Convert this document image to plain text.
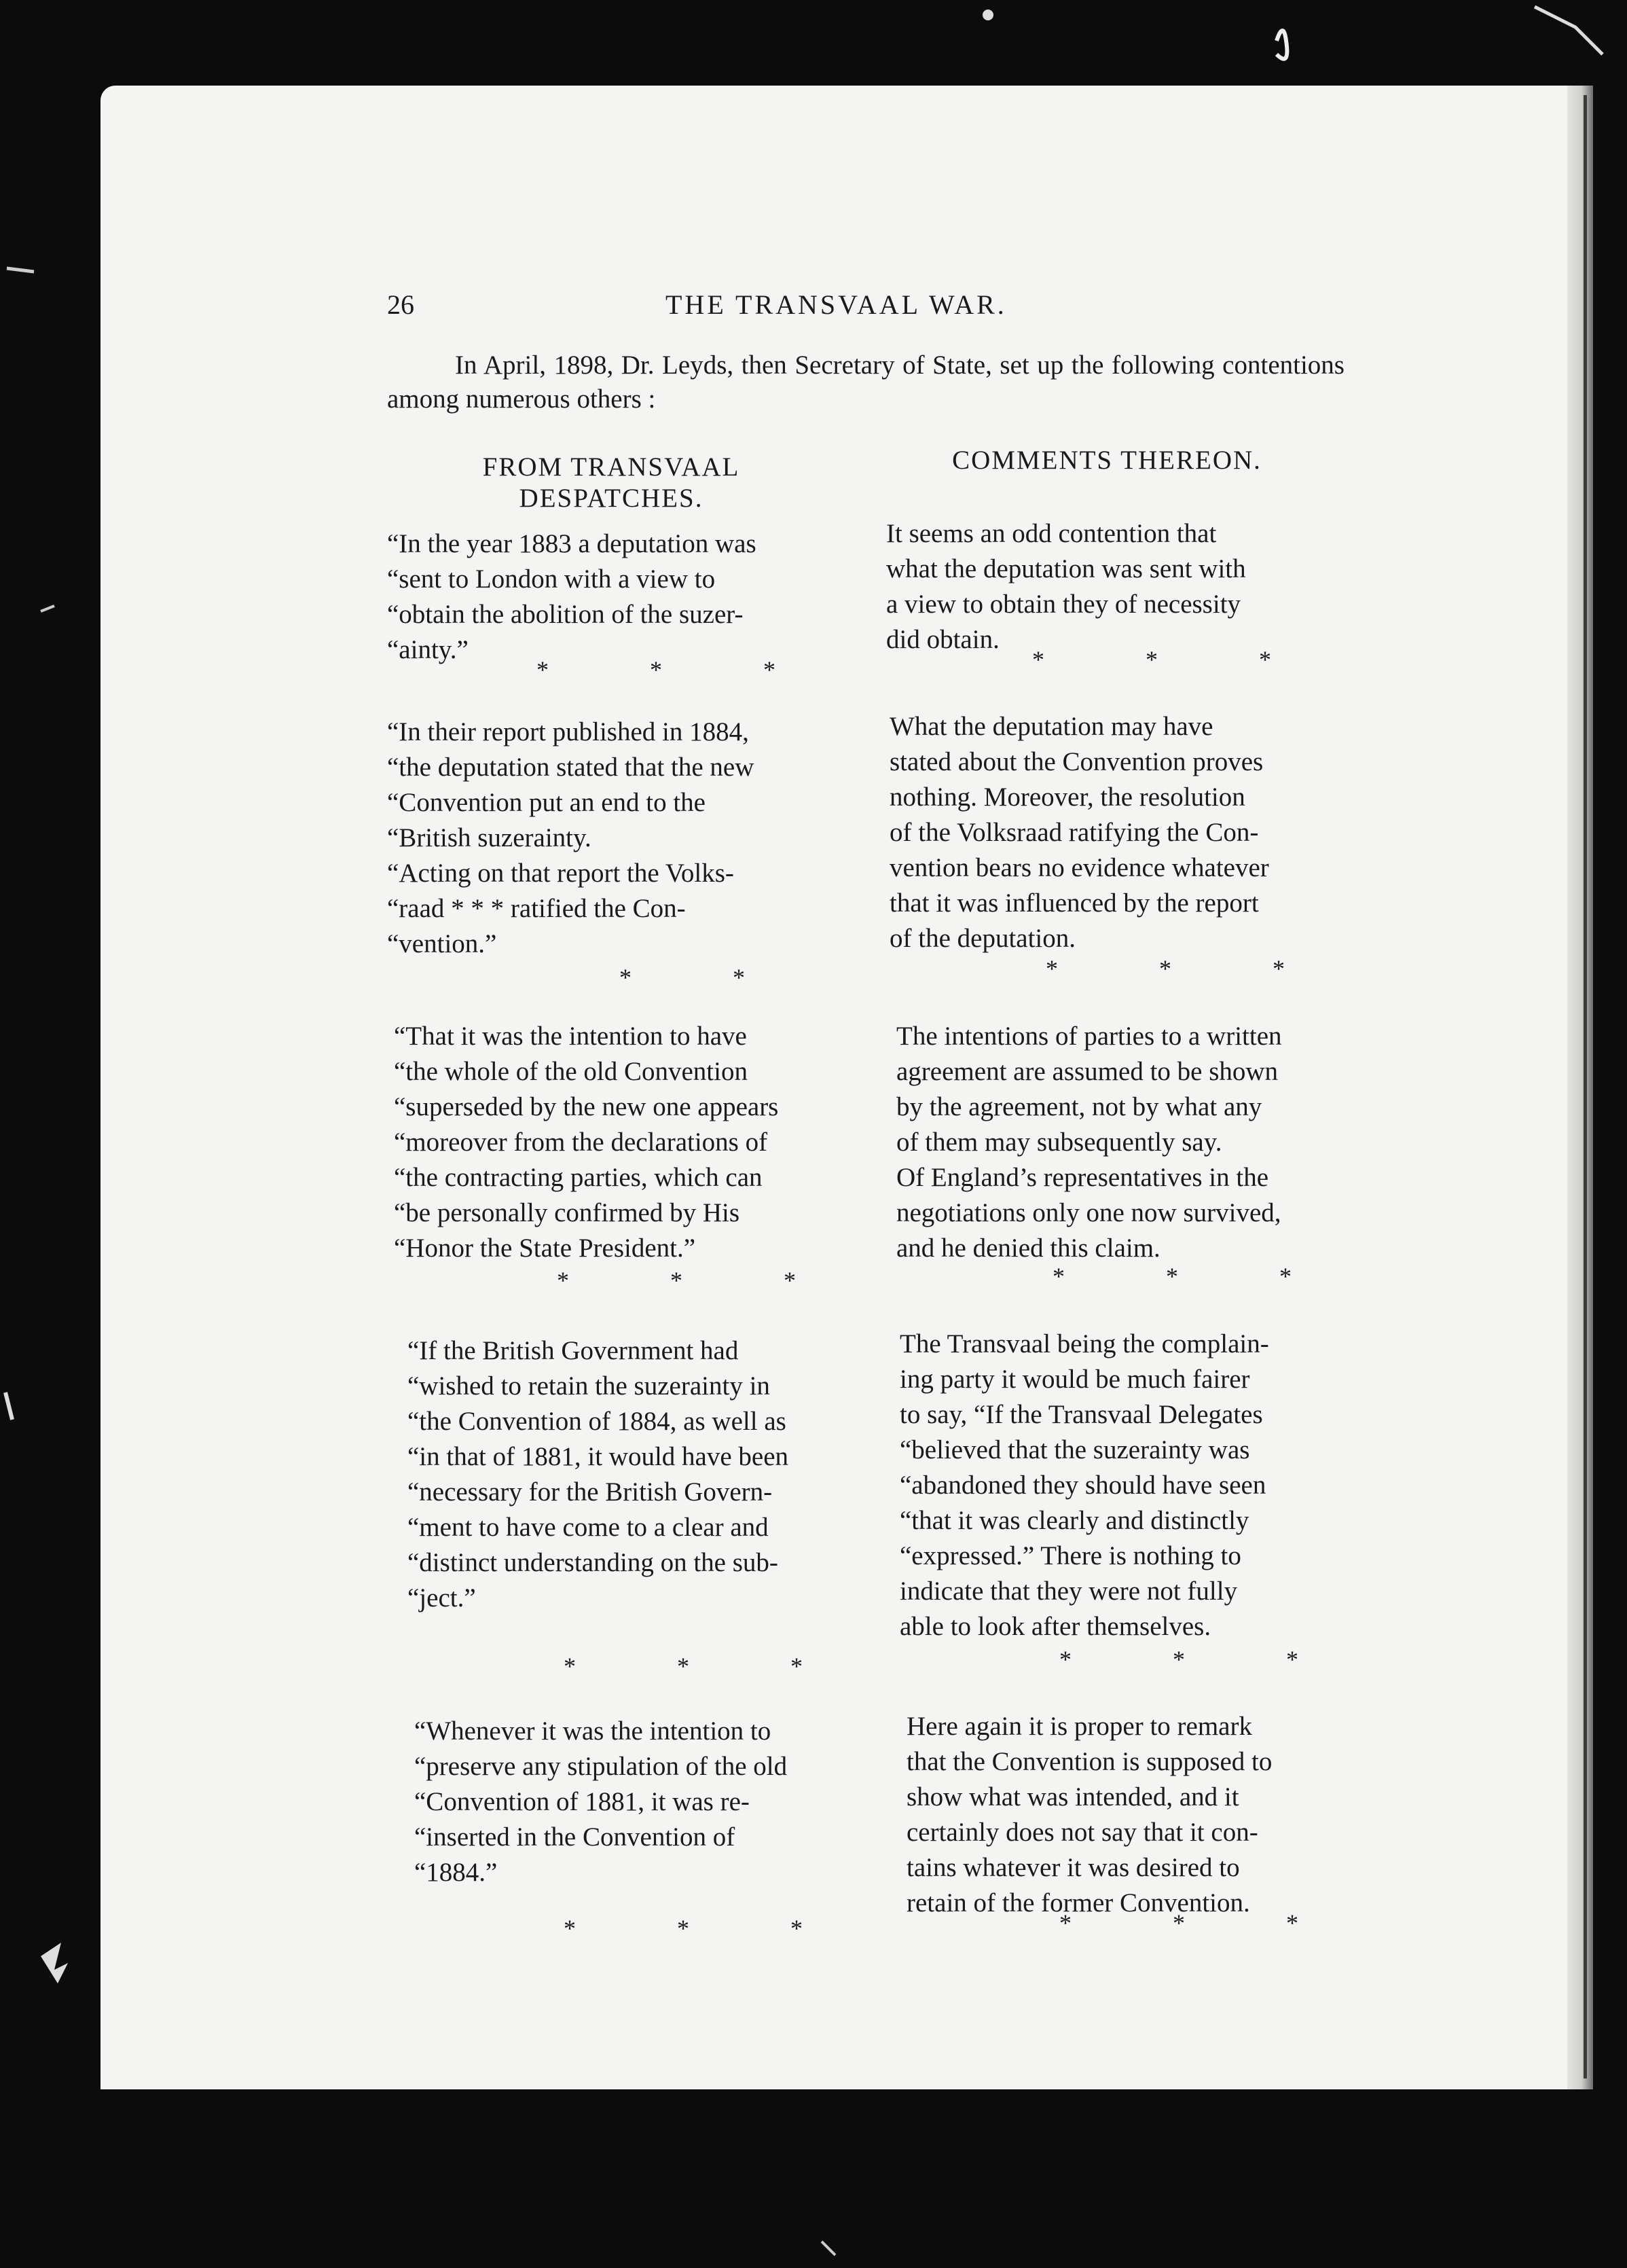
26	THE TRANSVAAL WAR.
In April, 1898, Dr. Leyds, then Secretary of State, set up the following contentions among numerous others :
FROM TRANSVAAL DESPATCHES.
COMMENTS THEREON.
“In the year 1883 a deputation was
“sent to London with a view to
“obtain the abolition of the suzer-
“ainty.”
* * *
“In their report published in 1884,
“the deputation stated that the new
“Convention put an end to the
“British suzerainty.
“Acting on that report the Volks-
“raad * * * ratified the Con-
“vention.”
* *
“That it was the intention to have
“the whole of the old Convention
“superseded by the new one appears
“moreover from the declarations of
“the contracting parties, which can
“be personally confirmed by His
“Honor the State President.”
* * *
“If the British Government had
“wished to retain the suzerainty in
“the Convention of 1884, as well as
“in that of 1881, it would have been
“necessary for the British Govern-
“ment to have come to a clear and
“distinct understanding on the sub-
“ject.”
* * *
“Whenever it was the intention to
“preserve any stipulation of the old
“Convention of 1881, it was re-
“inserted in the Convention of
“1884.”
* * *
It seems an odd contention that
what the deputation was sent with
a view to obtain they of necessity
did obtain.
* * *
What the deputation may have
stated about the Convention proves
nothing. Moreover, the resolution
of the Volksraad ratifying the Con-
vention bears no evidence whatever
that it was influenced by the report
of the deputation.
* * *
The intentions of parties to a written
agreement are assumed to be shown
by the agreement, not by what any
of them may subsequently say.
Of England’s representatives in the
negotiations only one now survived,
and he denied this claim.
* * *
The Transvaal being the complain-
ing party it would be much fairer
to say, “If the Transvaal Delegates
“believed that the suzerainty was
“abandoned they should have seen
“that it was clearly and distinctly
“expressed.” There is nothing to
indicate that they were not fully
able to look after themselves.
* * *
Here again it is proper to remark
that the Convention is supposed to
show what was intended, and it
certainly does not say that it con-
tains whatever it was desired to
retain of the former Convention.
* * *
